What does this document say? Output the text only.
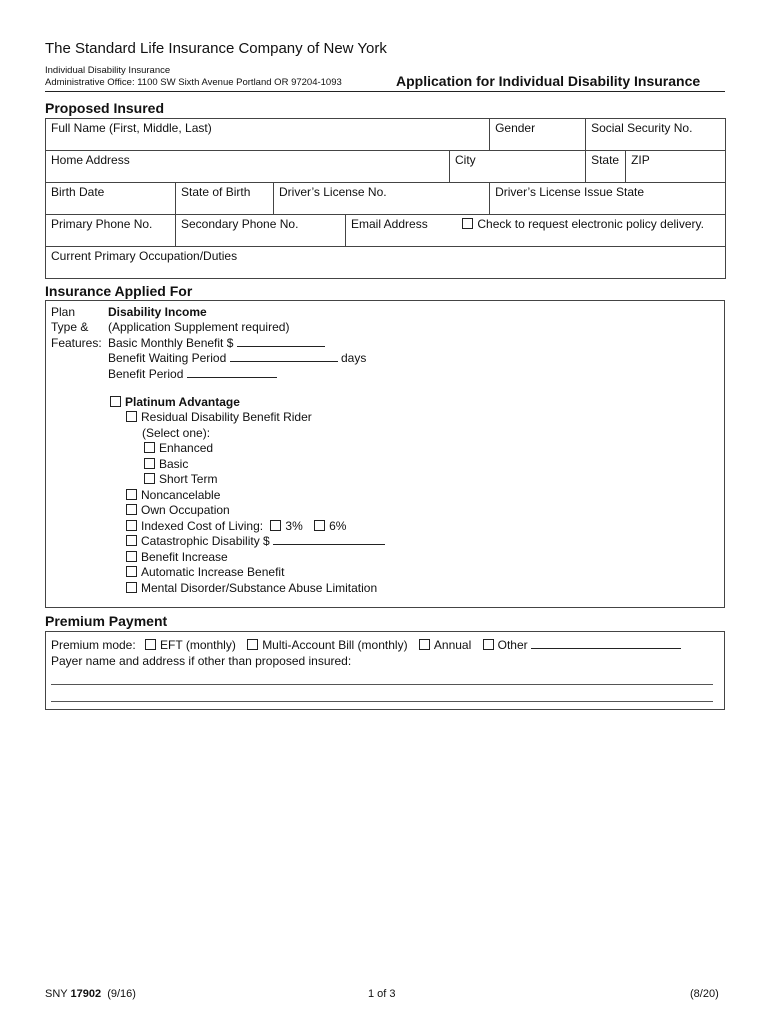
The Standard Life Insurance Company of New York
Individual Disability Insurance
Administrative Office: 1100 SW Sixth Avenue Portland OR 97204-1093	Application for Individual Disability Insurance
Proposed Insured
Full Name (First, Middle, Last)					Gender	Social Security No.	
Home Address				City		State	ZIP
Birth Date	State of Birth	Driver’s License No.			Driver’s License Issue State		
Primary Phone No.	Secondary Phone No.		Email Address Check to request electronic policy delivery.				
Current Primary Occupation/Duties							
Insurance Applied For
Plan
Type &
Features:
Disability Income
(Application Supplement required)
Basic Monthly Benefit $
Benefit Waiting Period	days
Benefit Period
Platinum Advantage
Residual Disability Benefit Rider
(Select one):
Enhanced
Basic
Short Term
Noncancelable
Own Occupation
Indexed Cost of Living: 3% 6%
Catastrophic Disability $
Benefit Increase
Automatic Increase Benefit
Mental Disorder/Substance Abuse Limitation
Premium Payment
Premium mode: EFT (monthly) Multi-Account Bill (monthly) Annual Other
Payer name and address if other than proposed insured:
SNY 17902 (9/16)	1 of 3	(8/20)
